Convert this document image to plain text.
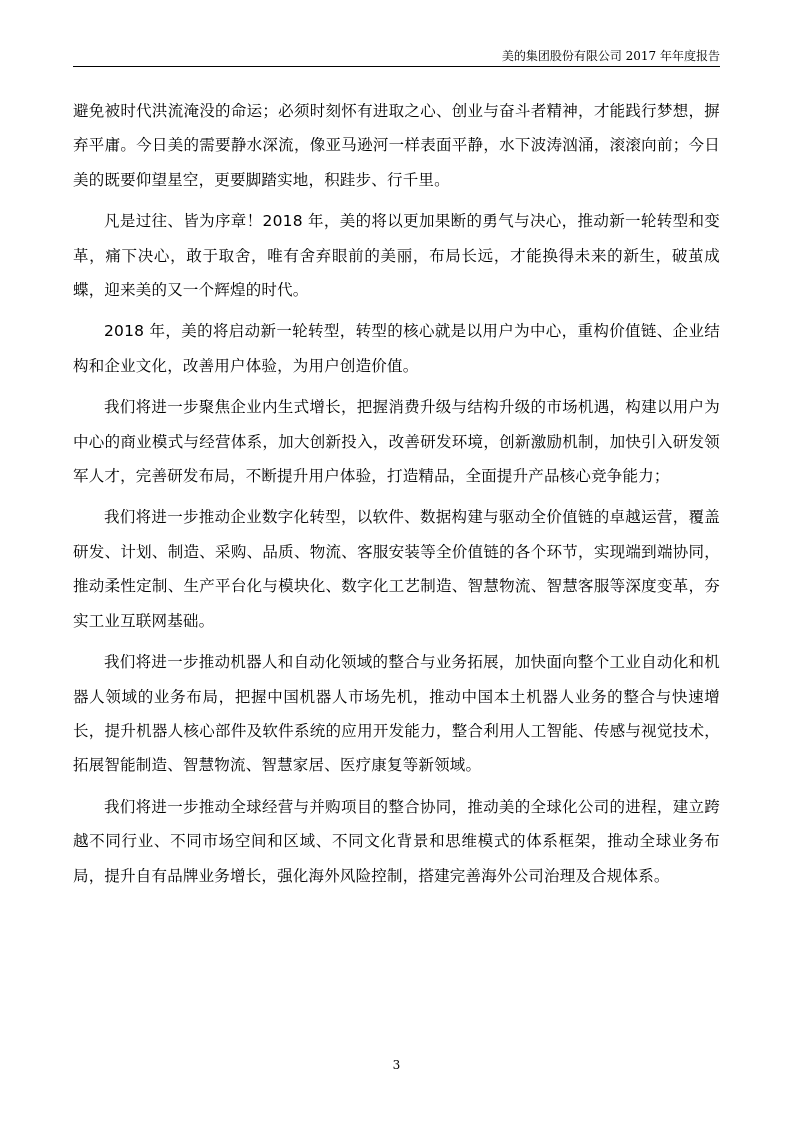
美的集团股份有限公司 2017 年年度报告

避免被时代洪流淹没的命运；必须时刻怀有进取之心、创业与奋斗者精神，才能践行梦想，摒弃平庸。今日美的需要静水深流，像亚马逊河一样表面平静，水下波涛汹涌，滚滚向前；今日美的既要仰望星空，更要脚踏实地，积跬步、行千里。

凡是过往、皆为序章！2018 年，美的将以更加果断的勇气与决心，推动新一轮转型和变革，痛下决心，敢于取舍，唯有舍弃眼前的美丽，布局长远，才能换得未来的新生，破茧成蝶，迎来美的又一个辉煌的时代。

2018 年，美的将启动新一轮转型，转型的核心就是以用户为中心，重构价值链、企业结构和企业文化，改善用户体验，为用户创造价值。

我们将进一步聚焦企业内生式增长，把握消费升级与结构升级的市场机遇，构建以用户为中心的商业模式与经营体系，加大创新投入，改善研发环境，创新激励机制，加快引入研发领军人才，完善研发布局，不断提升用户体验，打造精品，全面提升产品核心竞争能力；

我们将进一步推动企业数字化转型，以软件、数据构建与驱动全价值链的卓越运营，覆盖研发、计划、制造、采购、品质、物流、客服安装等全价值链的各个环节，实现端到端协同，推动柔性定制、生产平台化与模块化、数字化工艺制造、智慧物流、智慧客服等深度变革，夯实工业互联网基础。

我们将进一步推动机器人和自动化领域的整合与业务拓展，加快面向整个工业自动化和机器人领域的业务布局，把握中国机器人市场先机，推动中国本土机器人业务的整合与快速增长，提升机器人核心部件及软件系统的应用开发能力，整合利用人工智能、传感与视觉技术，拓展智能制造、智慧物流、智慧家居、医疗康复等新领域。

我们将进一步推动全球经营与并购项目的整合协同，推动美的全球化公司的进程，建立跨越不同行业、不同市场空间和区域、不同文化背景和思维模式的体系框架，推动全球业务布局，提升自有品牌业务增长，强化海外风险控制，搭建完善海外公司治理及合规体系。

3
